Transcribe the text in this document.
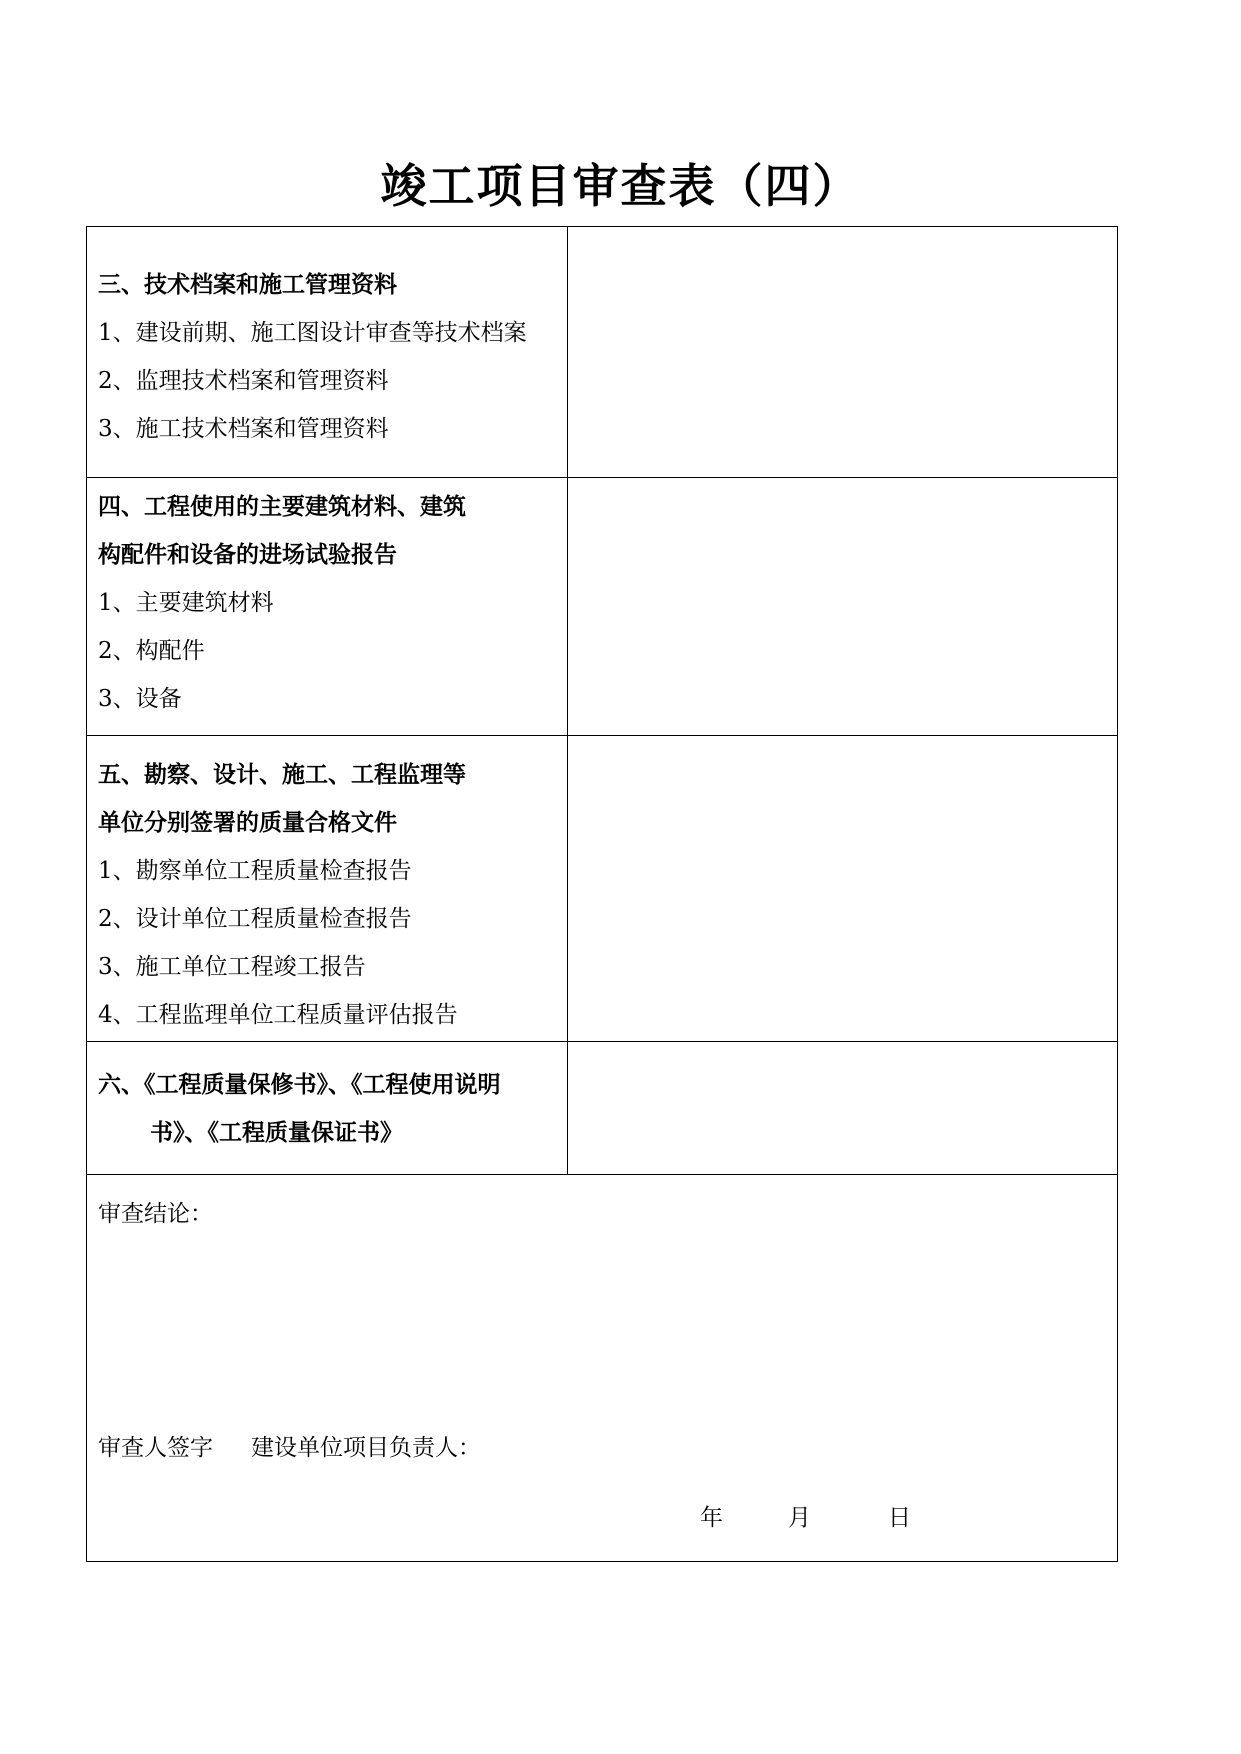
竣工项目审查表（四）
三、技术档案和施工管理资料
1、建设前期、施工图设计审查等技术档案
2、监理技术档案和管理资料
3、施工技术档案和管理资料
四、工程使用的主要建筑材料、建筑
构配件和设备的进场试验报告
1、主要建筑材料
2、构配件
3、设备
五、勘察、设计、施工、工程监理等
单位分别签署的质量合格文件
1、勘察单位工程质量检查报告
2、设计单位工程质量检查报告
3、施工单位工程竣工报告
4、工程监理单位工程质量评估报告
六、《工程质量保修书》、《工程使用说明
书》、《工程质量保证书》
审查结论：
审查人签字 建设单位项目负责人：
年	月	日
